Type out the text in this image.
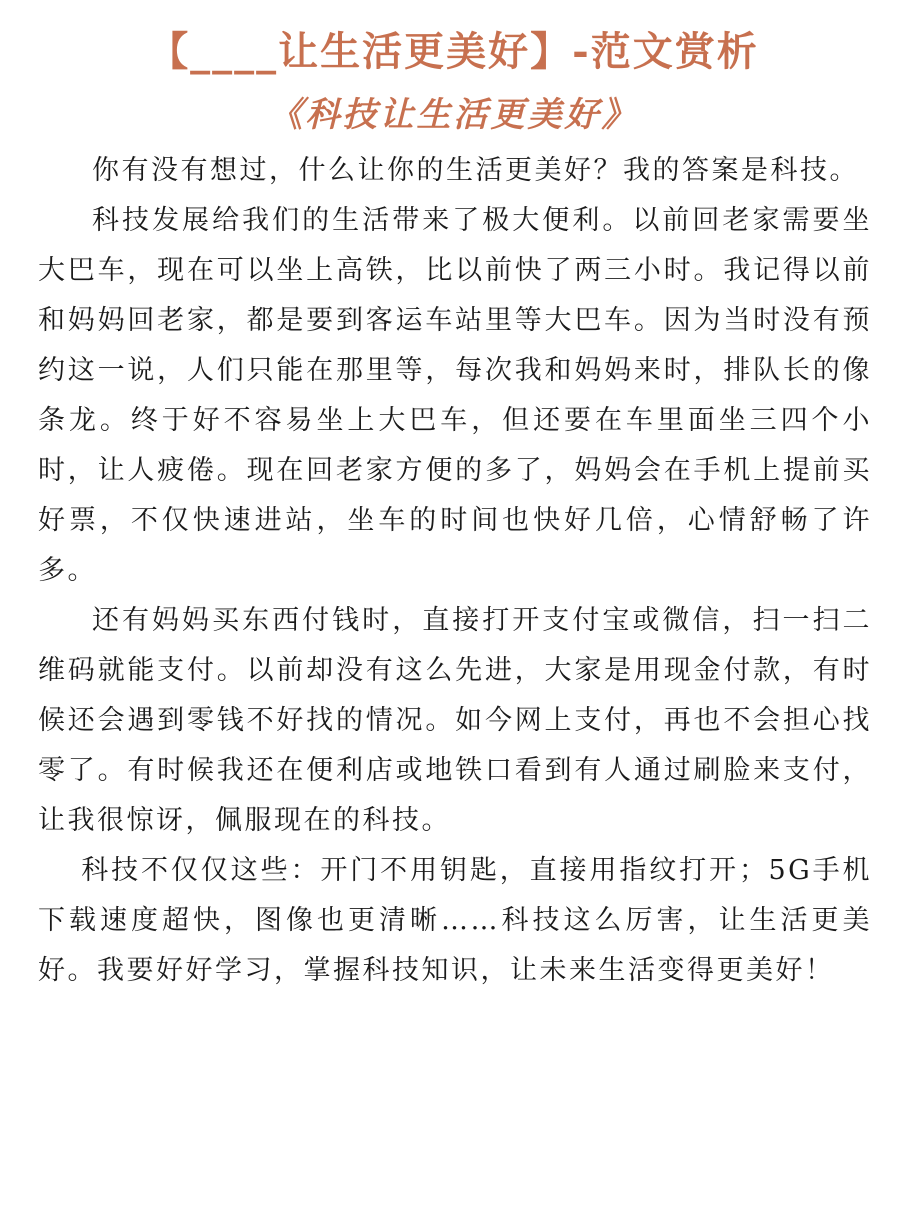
【____让生活更美好】-范文赏析
《科技让生活更美好》

你有没有想过，什么让你的生活更美好？我的答案是科技。

科技发展给我们的生活带来了极大便利。以前回老家需要坐大巴车，现在可以坐上高铁，比以前快了两三小时。我记得以前和妈妈回老家，都是要到客运车站里等大巴车。因为当时没有预约这一说，人们只能在那里等，每次我和妈妈来时，排队长的像条龙。终于好不容易坐上大巴车，但还要在车里面坐三四个小时，让人疲倦。现在回老家方便的多了，妈妈会在手机上提前买好票，不仅快速进站，坐车的时间也快好几倍，心情舒畅了许多。

还有妈妈买东西付钱时，直接打开支付宝或微信，扫一扫二维码就能支付。以前却没有这么先进，大家是用现金付款，有时候还会遇到零钱不好找的情况。如今网上支付，再也不会担心找零了。有时候我还在便利店或地铁口看到有人通过刷脸来支付，让我很惊讶，佩服现在的科技。

科技不仅仅这些：开门不用钥匙，直接用指纹打开；5G手机下载速度超快，图像也更清晰……科技这么厉害，让生活更美好。我要好好学习，掌握科技知识，让未来生活变得更美好！
